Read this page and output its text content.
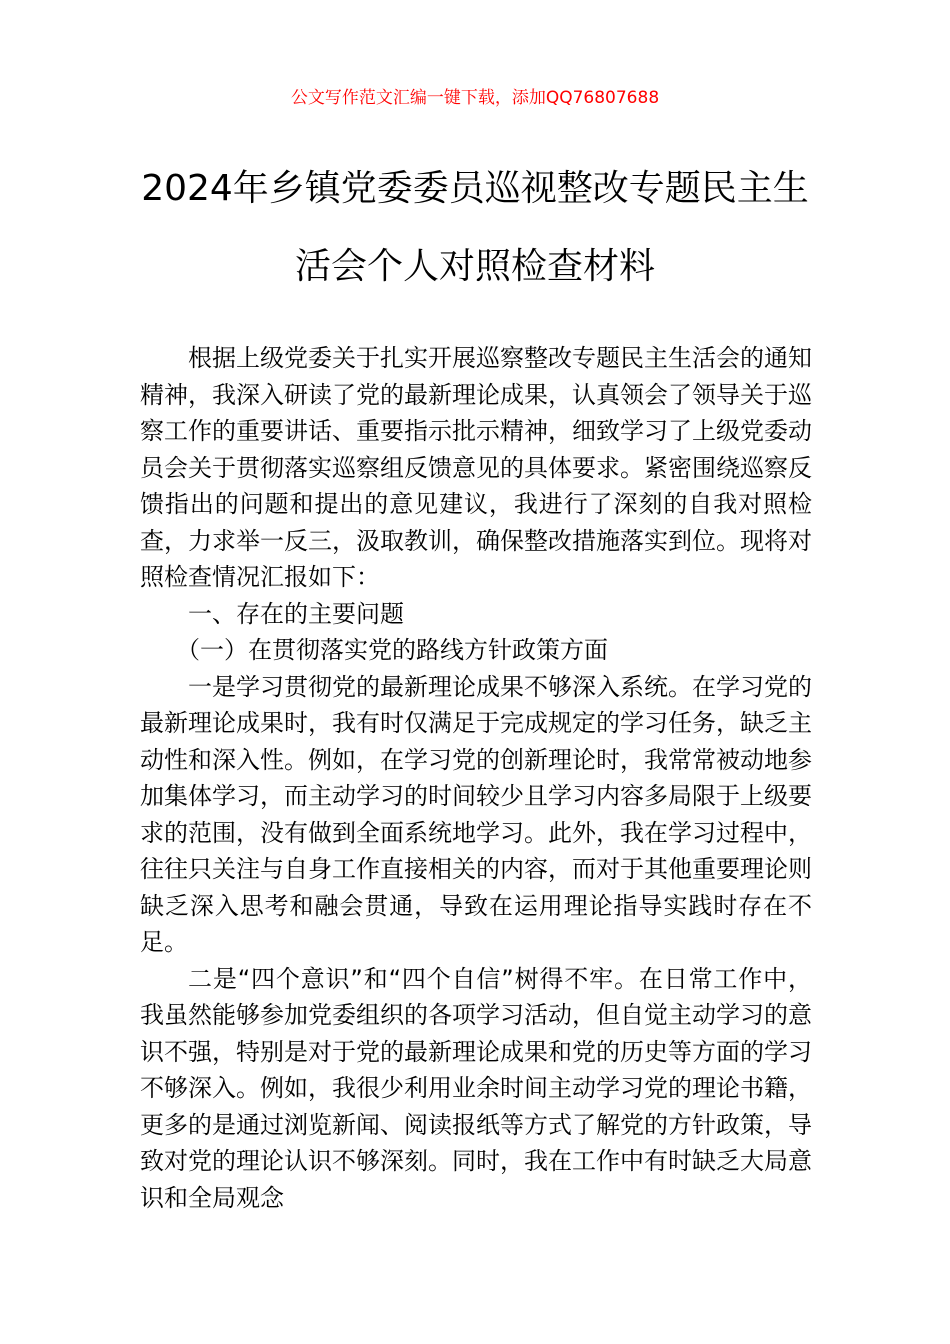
公文写作范文汇编一键下载，添加QQ76807688
2024年乡镇党委委员巡视整改专题民主生
活会个人对照检查材料

根据上级党委关于扎实开展巡察整改专题民主生活会的通知精神，我深入研读了党的最新理论成果，认真领会了领导关于巡察工作的重要讲话、重要指示批示精神，细致学习了上级党委动员会关于贯彻落实巡察组反馈意见的具体要求。紧密围绕巡察反馈指出的问题和提出的意见建议，我进行了深刻的自我对照检查，力求举一反三，汲取教训，确保整改措施落实到位。现将对照检查情况汇报如下：

一、存在的主要问题

（一）在贯彻落实党的路线方针政策方面

一是学习贯彻党的最新理论成果不够深入系统。在学习党的最新理论成果时，我有时仅满足于完成规定的学习任务，缺乏主动性和深入性。例如，在学习党的创新理论时，我常常被动地参加集体学习，而主动学习的时间较少且学习内容多局限于上级要求的范围，没有做到全面系统地学习。此外，我在学习过程中，往往只关注与自身工作直接相关的内容，而对于其他重要理论则缺乏深入思考和融会贯通，导致在运用理论指导实践时存在不足。

二是“四个意识”和“四个自信”树得不牢。在日常工作中，我虽然能够参加党委组织的各项学习活动，但自觉主动学习的意识不强，特别是对于党的最新理论成果和党的历史等方面的学习不够深入。例如，我很少利用业余时间主动学习党的理论书籍，更多的是通过浏览新闻、阅读报纸等方式了解党的方针政策，导致对党的理论认识不够深刻。同时，我在工作中有时缺乏大局意识和全局观念
